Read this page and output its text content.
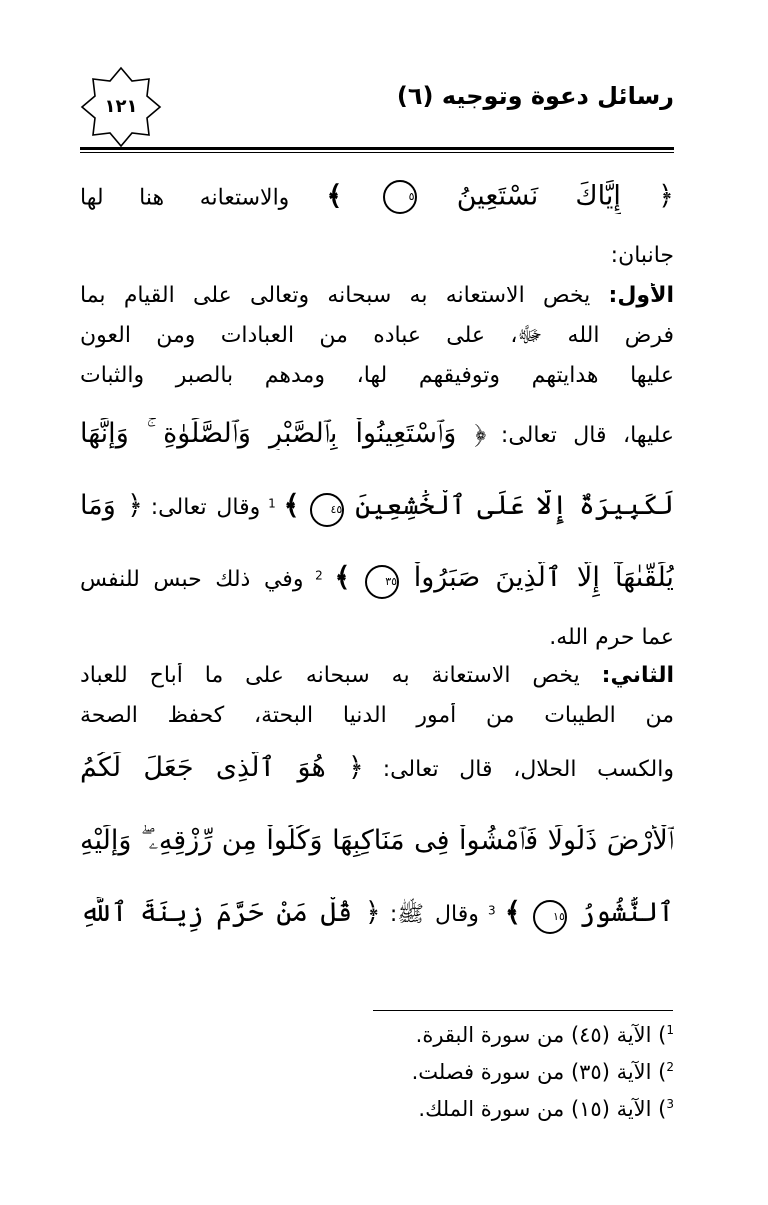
رسائل دعوة وتوجيه (٦)
١٢١
﴿ إِيَّاكَ نَسْتَعِينُ ٥ ﴾ والاستعانه هنا لها
جانبان:
الأول: يخص الاستعانه به سبحانه وتعالى على القيام بما
فرض الله ﷻ، على عباده من العبادات ومن العون
عليها هدايتهم وتوفيقهم لها، ومدهم بالصبر والثبات
عليها، قال تعالى: ﴿ وَٱسْتَعِينُواْ بِٱلصَّبْرِ وَٱلصَّلَوٰةِ ۚ وَإِنَّهَا
لَكَبِيرَةٌ إِلَّا عَلَى ٱلْخَٰشِعِينَ ٤٥ ﴾ $^1$ وقال تعالى: ﴿ وَمَا
يُلَقَّىٰهَآ إِلَّا ٱلَّذِينَ صَبَرُواْ ٣٥ ﴾ $^2$ وفي ذلك حبس للنفس
عما حرم الله.
الثاني: يخص الاستعانة به سبحانه على ما أباح للعباد
من الطيبات من أمور الدنيا البحتة، كحفظ الصحة
والكسب الحلال، قال تعالى: ﴿ هُوَ ٱلَّذِى جَعَلَ لَكُمُ
ٱلْأَرْضَ ذَلُولًا فَٱمْشُواْ فِى مَنَاكِبِهَا وَكُلُواْ مِن رِّزْقِهِۦ ۖ وَإِلَيْهِ
ٱلنُّشُورُ ١٥ ﴾ $^3$ وقال ﷺ: ﴿ قُلْ مَنْ حَرَّمَ زِينَةَ ٱللَّهِ
$^1$) الآية (٤٥) من سورة البقرة.
$^2$) الآية (٣٥) من سورة فصلت.
$^3$) الآية (١٥) من سورة الملك.
